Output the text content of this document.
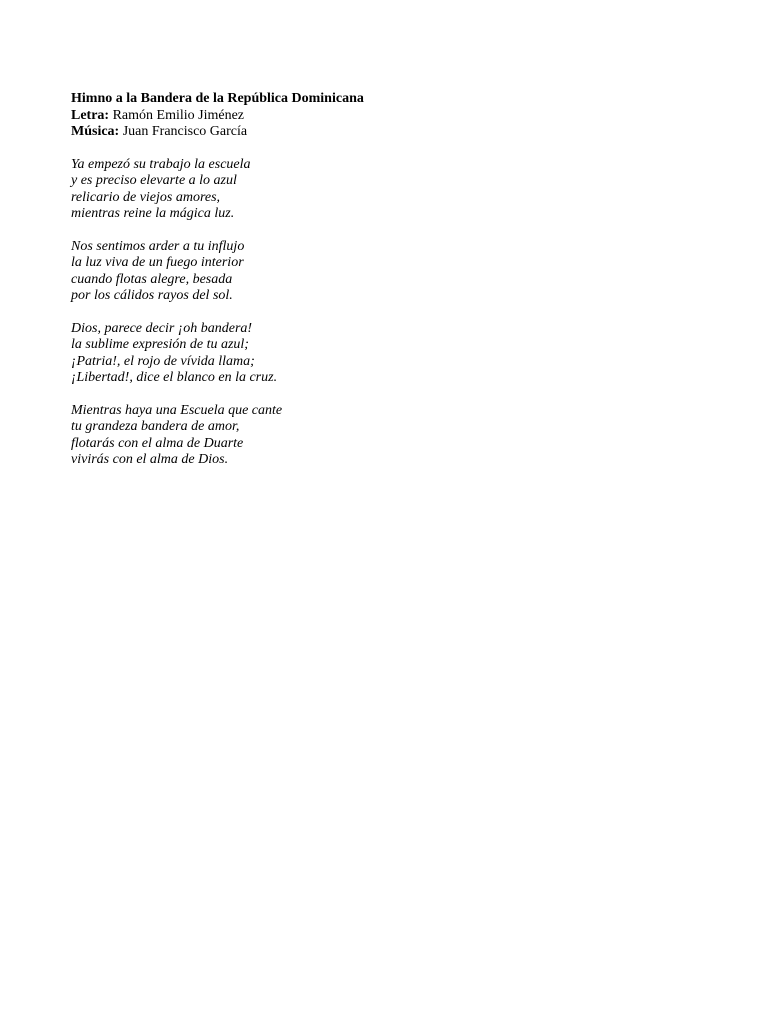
Himno a la Bandera de la República Dominicana
Letra: Ramón Emilio Jiménez
Música: Juan Francisco García
Ya empezó su trabajo la escuela
y es preciso elevarte a lo azul
relicario de viejos amores,
mientras reine la mágica luz.
Nos sentimos arder a tu influjo
la luz viva de un fuego interior
cuando flotas alegre, besada
por los cálidos rayos del sol.
Dios, parece decir ¡oh bandera!
la sublime expresión de tu azul;
¡Patria!, el rojo de vívida llama;
¡Libertad!, dice el blanco en la cruz.
Mientras haya una Escuela que cante
tu grandeza bandera de amor,
flotarás con el alma de Duarte
vivirás con el alma de Dios.
